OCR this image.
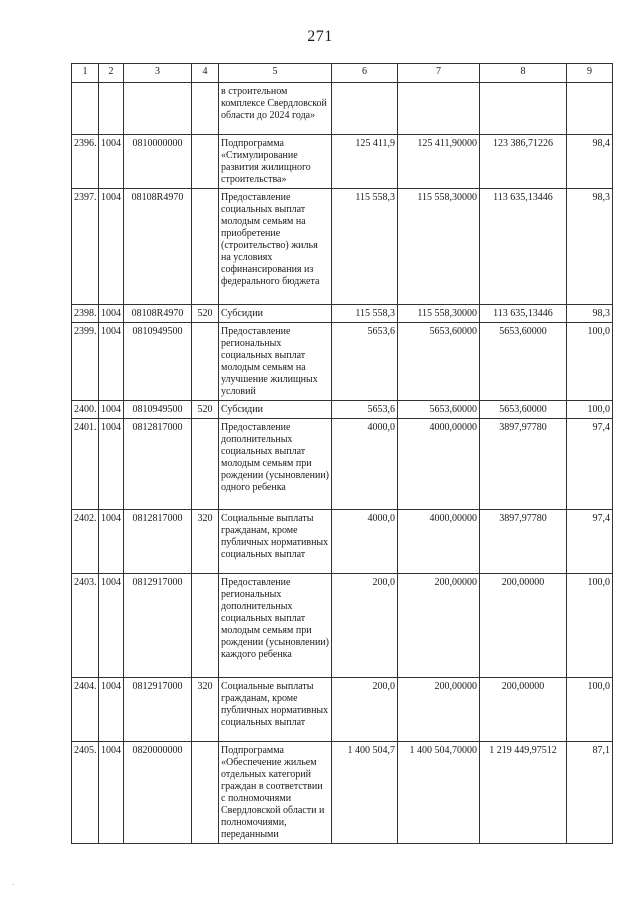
271
1	2	3	4	5	6	7	8	9
				в строительном комплексе Свердловской области до 2024 года»				
2396.	1004	0810000000		Подпрограмма «Стимулирование развития жилищного строительства»	125 411,9	125 411,90000	123 386,71226	98,4
2397.	1004	08108R4970		Предоставление социальных выплат молодым семьям на приобретение (строительство) жилья на условиях софинансирования из федерального бюджета	115 558,3	115 558,30000	113 635,13446	98,3
2398.	1004	08108R4970	520	Субсидии	115 558,3	115 558,30000	113 635,13446	98,3
2399.	1004	0810949500		Предоставление региональных социальных выплат молодым семьям на улучшение жилищных условий	5653,6	5653,60000	5653,60000	100,0
2400.	1004	0810949500	520	Субсидии	5653,6	5653,60000	5653,60000	100,0
2401.	1004	0812817000		Предоставление дополнительных социальных выплат молодым семьям при рождении (усыновлении) одного ребенка	4000,0	4000,00000	3897,97780	97,4
2402.	1004	0812817000	320	Социальные выплаты гражданам, кроме публичных нормативных социальных выплат	4000,0	4000,00000	3897,97780	97,4
2403.	1004	0812917000		Предоставление региональных дополнительных социальных выплат молодым семьям при рождении (усыновлении) каждого ребенка	200,0	200,00000	200,00000	100,0
2404.	1004	0812917000	320	Социальные выплаты гражданам, кроме публичных нормативных социальных выплат	200,0	200,00000	200,00000	100,0
2405.	1004	0820000000		Подпрограмма «Обеспечение жильем отдельных категорий граждан в соответствии с полномочиями Свердловской области и полномочиями, переданными	1 400 504,7	1 400 504,70000	1 219 449,97512	87,1
.
